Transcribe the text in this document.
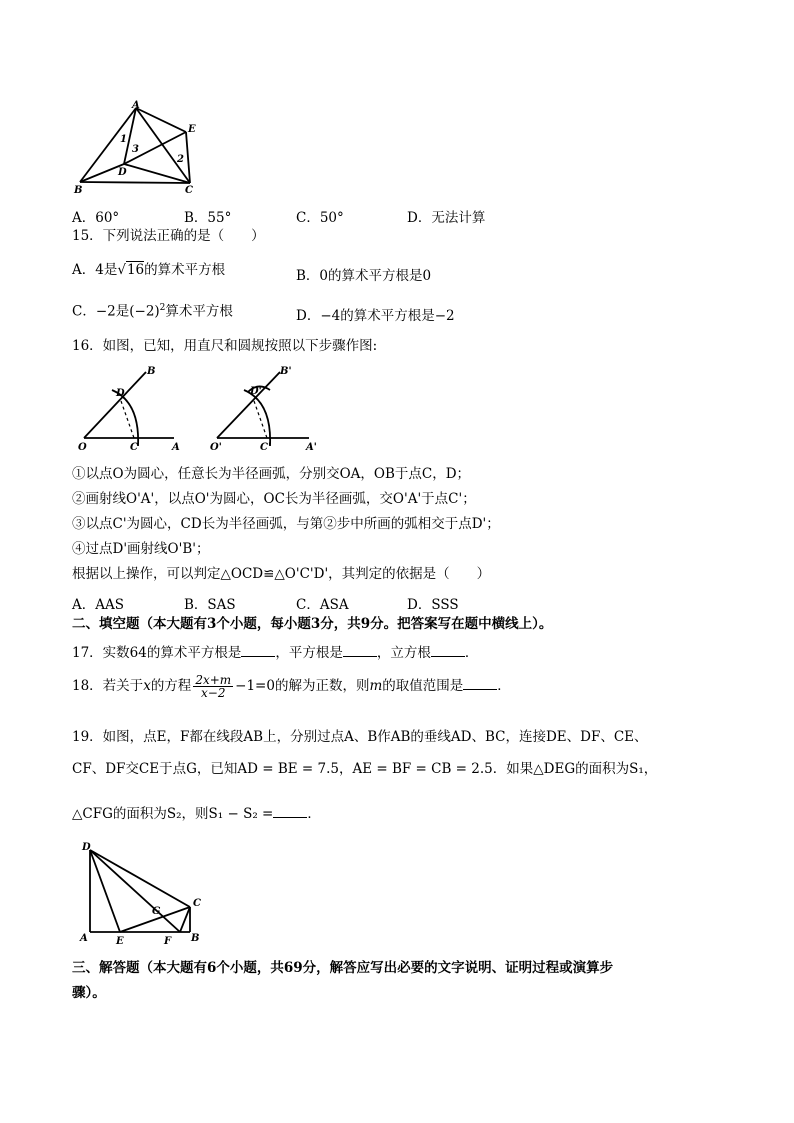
A
E
B	C
D
1
3
2
A．60°	B．55°	C．50°	D．无法计算
15．下列说法正确的是（　　）
A．4是√16的算术平方根	B．0的算术平方根是0
C．−2是$(-2)^2$算术平方根	D．−4的算术平方根是−2
16．如图，已知，用直尺和圆规按照以下步骤作图:
O	C	A
D
B
O'	C'	A'
D'
B'
①以点O为圆心，任意长为半径画弧，分别交OA，OB于点C，D；
②画射线O'A'，以点O'为圆心，OC长为半径画弧，交O'A'于点C'；
③以点C'为圆心，CD长为半径画弧，与第②步中所画的弧相交于点D'；
④过点D'画射线O'B'；
根据以上操作，可以判定△OCD≌△O'C'D'，其判定的依据是（　　）
A．AAS	B．SAS	C．ASA	D．SSS
二、填空题（本大题有3个小题，每小题3分，共9分。把答案写在题中横线上）。
17．实数64的算术平方根是	，平方根是	，立方根	．
18．若关于x的方程 $\frac{2x+m}{x-2} -1=0$的解为正数，则m的取值范围是	．
19．如图，点E，F都在线段AB上，分别过点A、B作AB的垂线AD、BC，连接DE、DF、CE、
CF、DF交CE于点G，已知AD = BE = 7.5，AE = BF = CB = 2.5．如果△DEG的面积为S₁，
△CFG的面积为S₂，则S₁ − S₂ =	．
D
C
G
A	E	F B
三、解答题（本大题有6个小题，共69分，解答应写出必要的文字说明、证明过程或演算步
骤）。
